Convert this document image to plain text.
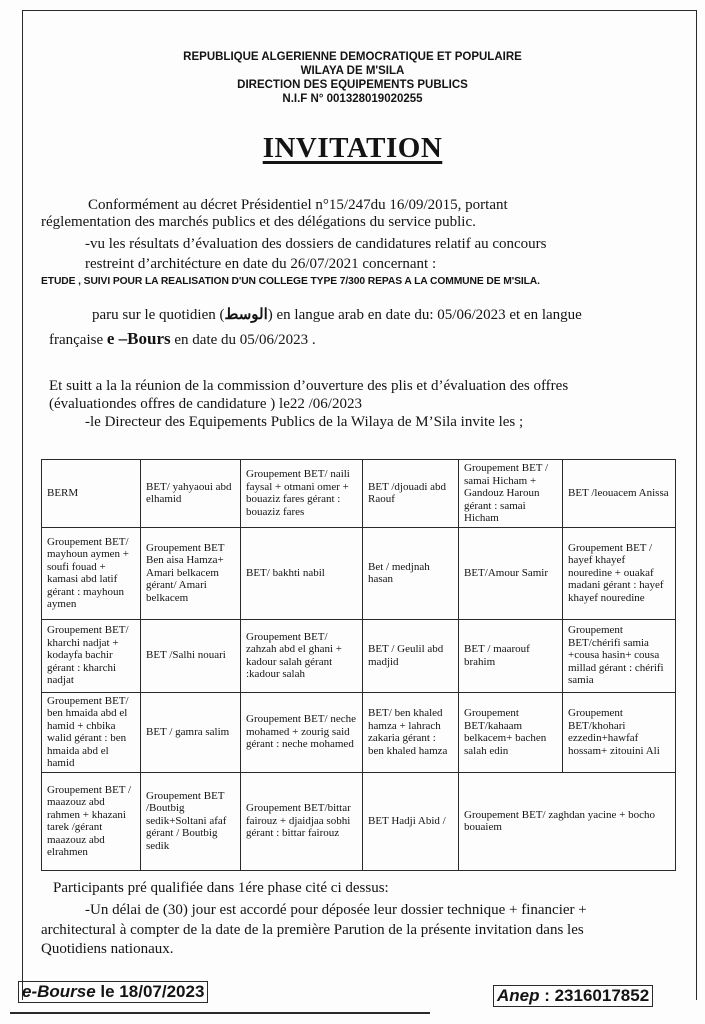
REPUBLIQUE ALGERIENNE DEMOCRATIQUE ET POPULAIRE
WILAYA DE M'SILA
DIRECTION DES EQUIPEMENTS PUBLICS
N.I.F N° 001328019020255
INVITATION
Conformément au décret Présidentiel n°15/247du 16/09/2015, portant
réglementation des marchés publics et des délégations du service public.
-vu les résultats d’évaluation des dossiers de candidatures relatif au concours
restreint d’architécture en date du 26/07/2021 concernant :
ETUDE , SUIVI POUR LA REALISATION D'UN COLLEGE TYPE 7/300 REPAS A LA COMMUNE DE M'SILA.
paru sur le quotidien (الوسط) en langue arab en date du: 05/06/2023 et en langue
française e –Bours en date du 05/06/2023 .
Et suitt a la la réunion de la commission d’ouverture des plis et d’évaluation des offres
(évaluationdes offres de candidature ) le22 /06/2023
-le Directeur des Equipements Publics de la Wilaya de M’Sila invite les ;
BERM	BET/ yahyaoui abd elhamid	Groupement BET/ naili faysal + otmani omer + bouaziz fares gérant : bouaziz fares	BET /djouadi abd Raouf	Groupement BET / samai Hicham + Gandouz Haroun gérant : samai Hicham	BET /leouacem Anissa
Groupement BET/ mayhoun aymen + soufi fouad + kamasi abd latif gérant : mayhoun aymen	Groupement BET Ben aisa Hamza+ Amari belkacem gérant/ Amari belkacem	BET/ bakhti nabil	Bet / medjnah hasan	BET/Amour Samir	Groupement BET / hayef khayef nouredine + ouakaf madani gérant : hayef khayef nouredine
Groupement BET/ kharchi nadjat + kodayfa bachir gérant : kharchi nadjat	BET /Salhi nouari	Groupement BET/ zahzah abd el ghani + kadour salah gérant :kadour salah	BET / Geulil abd madjid	BET / maarouf brahim	Groupement BET/chérifi samia +cousa hasin+ cousa millad gérant : chérifi samia
Groupement BET/ ben hmaida abd el hamid + chbika walid gérant : ben hmaida abd el hamid	BET / gamra salim	Groupement BET/ neche mohamed + zourig said gérant : neche mohamed	BET/ ben khaled hamza + lahrach zakaria gérant : ben khaled hamza	Groupement BET/kahaam belkacem+ bachen salah edin	Groupement BET/khohari ezzedin+hawfaf hossam+ zitouini Ali
Groupement BET / maazouz abd rahmen + khazani tarek /gérant maazouz abd elrahmen	Groupement BET /Boutbig sedik+Soltani afaf gérant / Boutbig sedik	Groupement BET/bittar fairouz + djaidjaa sobhi gérant : bittar fairouz	BET Hadji Abid /	Groupement BET/ zaghdan yacine + bocho bouaiem	
Participants pré qualifiée dans 1ére phase cité ci dessus:
-Un délai de (30) jour est accordé pour déposée leur dossier technique + financier +
architectural à compter de la date de la première Parution de la présente invitation dans les
Quotidiens nationaux.
e-Bourse le 18/07/2023	Anep : 2316017852
